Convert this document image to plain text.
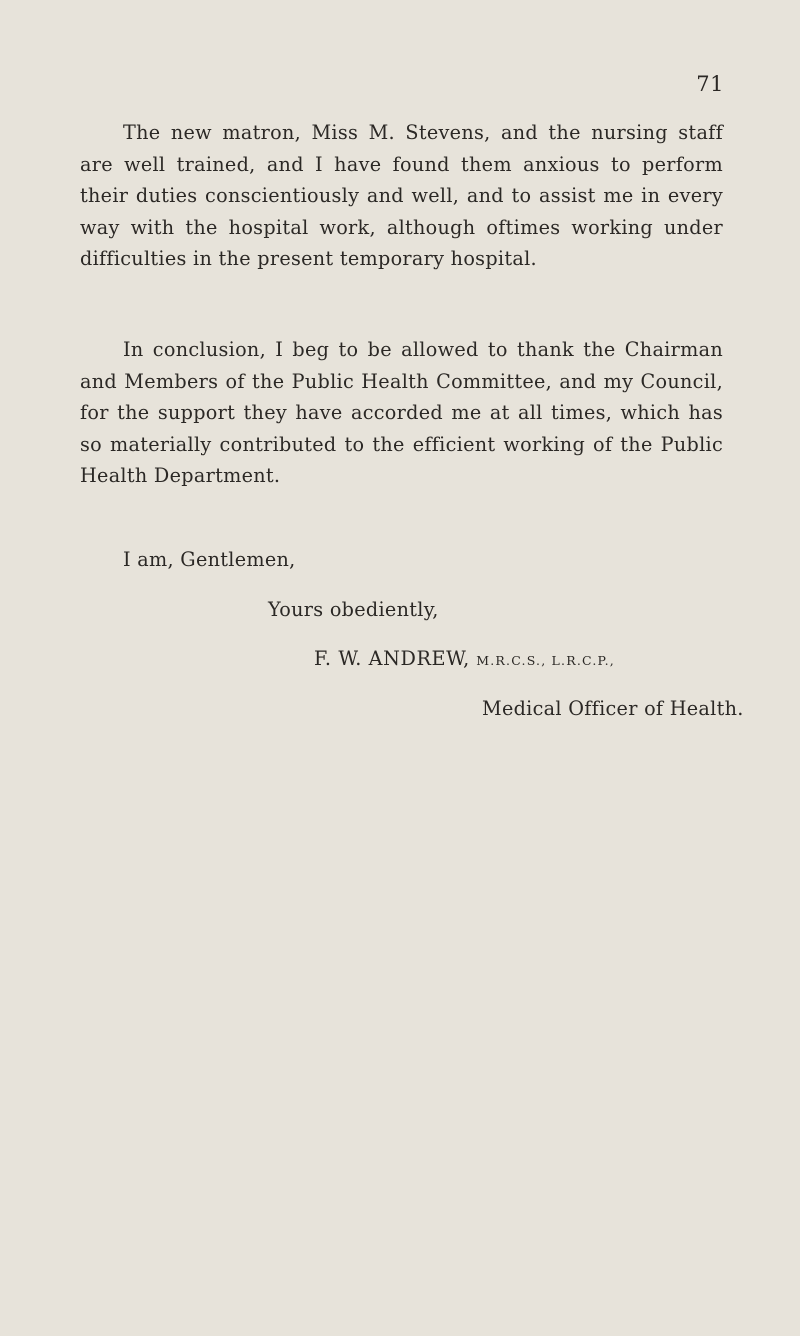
71

The new matron, Miss M. Stevens, and the nursing staff are well trained, and I have found them anxious to perform their duties conscientiously and well, and to assist me in every way with the hospital work, although oftimes working under difficulties in the present temporary hospital.

In conclusion, I beg to be allowed to thank the Chairman and Members of the Public Health Committee, and my Council, for the support they have accorded me at all times, which has so materially contributed to the efficient working of the Public Health Department.

I am, Gentlemen,
Yours obediently,
F. W. ANDREW, M.R.C.S., L.R.C.P.,
Medical Officer of Health.
